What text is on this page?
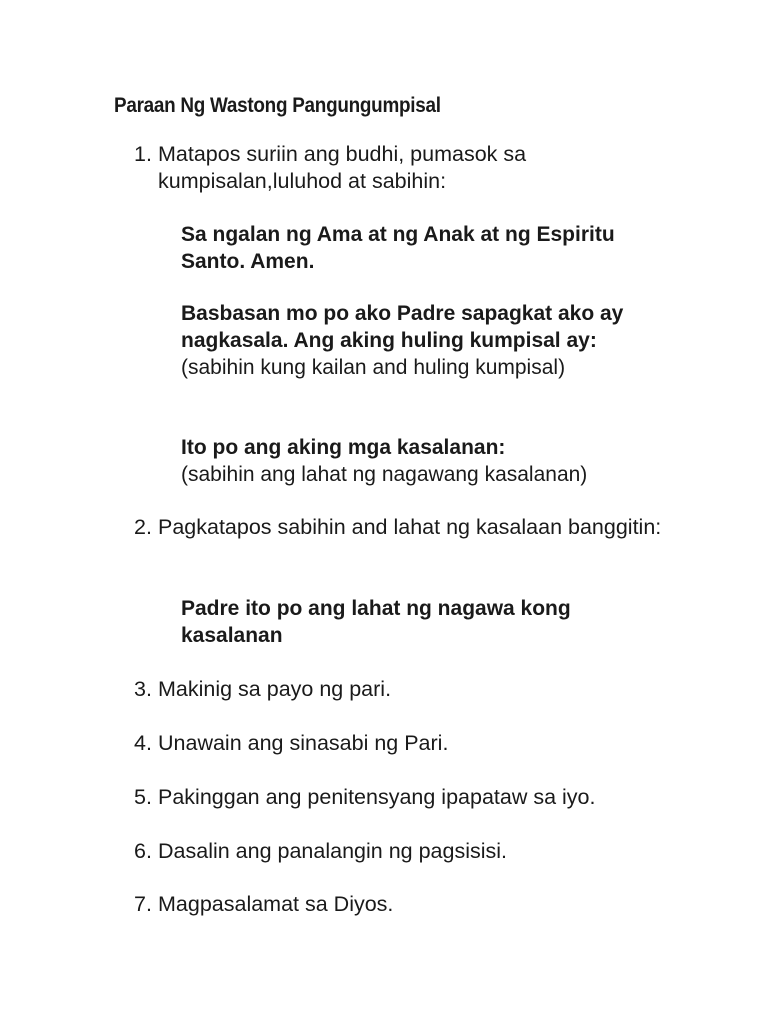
Paraan Ng Wastong Pangungumpisal
1. Matapos suriin ang budhi, pumasok sa kumpisalan,luluhod at sabihin:
Sa ngalan ng Ama at ng Anak at ng Espiritu Santo. Amen.
Basbasan mo po ako Padre sapagkat ako ay nagkasala. Ang aking huling kumpisal ay:
(sabihin kung kailan and huling kumpisal)
Ito po ang aking mga kasalanan:
(sabihin ang lahat ng nagawang kasalanan)
2. Pagkatapos sabihin and lahat ng kasalaan banggitin:
Padre ito po ang lahat ng nagawa kong kasalanan
3. Makinig sa payo ng pari.
4. Unawain ang sinasabi ng Pari.
5. Pakinggan ang penitensyang ipapataw sa iyo.
6. Dasalin ang panalangin ng pagsisisi.
7. Magpasalamat sa Diyos.
